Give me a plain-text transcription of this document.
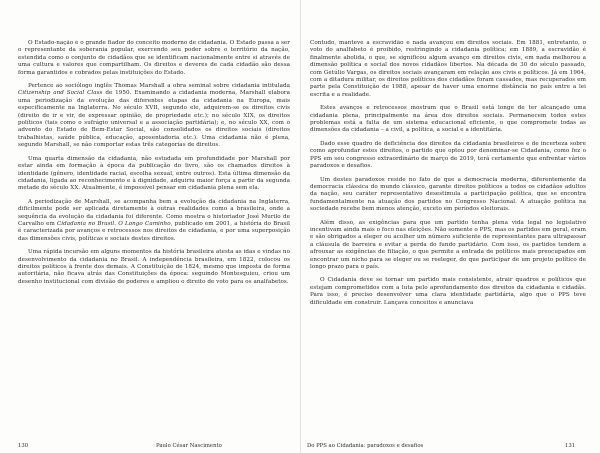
O Estado-nação é o grande fiador do conceito moderno de cidadania. O Estado passa a ser o representante da soberania popular, exercendo seu poder sobre o território da nação, estendida como o conjunto de cidadãos que se identificam nacionalmente entre si através de uma cultura e valores que compartilham. Os direitos e deveres de cada cidadão são dessa forma garantidos e cobrados pelas instituições do Estado.

Pertence ao sociólogo inglês Thomas Marshall a obra seminal sobre cidadania intitulada Citizenship and Social Class de 1950. Examinando a cidadania moderna, Marshall elabora uma periodização da evolução das diferentes etapas da cidadania na Europa, mais especificamente na Inglaterra. No século XVII, segundo ele, adquirem-se os direitos civis (direito de ir e vir, de expressar opinião, de propriedade etc.); no século XIX, os direitos políticos (tais como o sufrágio universal e a associação partidária); e, no século XX, com o advento do Estado de Bem-Estar Social, são consolidados os direitos sociais (direitos trabalhistas, saúde pública, educação, aposentadoria etc.). Uma cidadania não é plena, segundo Marshall, se não comportar estas três categorias de direitos.

Uma quarta dimensão da cidadania, não estudada em profundidade por Marshall por estar ainda em formação à época da publicação do livro, são os chamados direitos à identidade (gênero, identidade racial, escolha sexual, entre outros). Esta última dimensão da cidadania, ligada ao reconhecimento e à dignidade, adquiriu maior força a partir da segunda metade do século XX. Atualmente, é impossível pensar em cidadania plena sem ela.

A periodização de Marshall, se acompanha bem a evolução da cidadania na Inglaterra, dificilmente pode ser aplicada diretamente à outras realidades como a brasileira, onde a sequência da evolução da cidadania foi diferente. Como mostra o historiador José Murilo de Carvalho em Cidadania no Brasil. O Longo Caminho, publicado em 2001, a história do Brasil é caracterizada por avanços e retrocessos nos direitos de cidadania, e por uma superposição das dimensões civis, políticas e sociais destes direitos.

Uma rápida incursão em alguns momentos da história brasileira atesta as idas e vindas no desenvolvimento da cidadania no Brasil. A independência brasileira, em 1822, colocou os direitos políticos à frente dos demais. A Constituição de 1824, mesmo que imposta de forma autoritária, não ficava atrás das Constituições da época: seguindo Montesquieu, criou um desenho institucional com divisão de poderes e ampliou o direito de voto para os analfabetos.

130	Paulo César Nascimento

Contudo, manteve a escravidão e nada avançou em direitos sociais. Em 1881, entretanto, o voto do analfabeto é proibido, restringindo a cidadania política; em 1889, a escravidão é finalmente abolida, o que, se significou algum avanço em direitos civis, em nada melhorou a dimensão política e social dos novos cidadãos libertos. Na década de 30 do século passado, com Getúlio Vargas, os direitos sociais avançaram em relação aos civis e políticos. Já em 1964, com a ditadura militar, os direitos políticos dos cidadãos foram cassados, mas recuperados em parte pela Constituição de 1988, apesar de haver uma enorme distância no país entre a lei escrita e a realidade.

Estes avanços e retrocessos mostram que o Brasil está longe de ter alcançado uma cidadania plena, principalmente na área dos direitos sociais. Permanecem todos estes problemas está a falta de um sistema educacional eficiente, o que compromete todas as dimensões da cidadania – a civil, a política, a social e a identitária.

Dado esse quadro de deficiência dos direitos da cidadania brasileiros e de incerteza sobre como aprofundar estes direitos, o partido que optou por denominar-se Cidadania, como fez o PPS em seu congresso extraordinário de março de 2019, terá certamente que enfrentar vários paradoxos e desafios.

Um destes paradoxos reside no fato de que a democracia moderna, diferentemente da democracia clássica do mundo clássico, garante direitos políticos a todos os cidadãos adultos da nação, seu caráter representativo desestimula a participação política, que se encontra fundamentalmente na atuação dos partidos no Congresso Nacional. A atuação política na sociedade recebe bem menos atenção, exceto em períodos eleitorais.

Além disso, as exigências para que um partido tenha plena vida legal no legislativo incentivam ainda mais o foco nas eleições. Não somente o PPS, mas os partidos em geral, eram e são obrigados a eleger ou acolher um número suficiente de representantes para ultrapassar a cláusula de barreira e evitar a perda do fundo partidário. Com isso, os partidos tendem a afrouxar as exigências de filiação, o que permite a entrada de políticos mais preocupados em encontrar um nicho para se eleger ou se reeleger, do que participar de um projeto político de longo prazo para o país.

O Cidadania deve se tornar um partido mais consistente, atrair quadros e políticos que estejam comprometidos com a luta pelo aprofundamento dos direitos da cidadania e cidadãs. Para isso, é preciso desenvolver uma clara identidade partidária, algo que o PPS teve dificuldade em construir. Lançava conceitos e anunciava

Do PPS ao Cidadania: paradoxos e desafios	131
